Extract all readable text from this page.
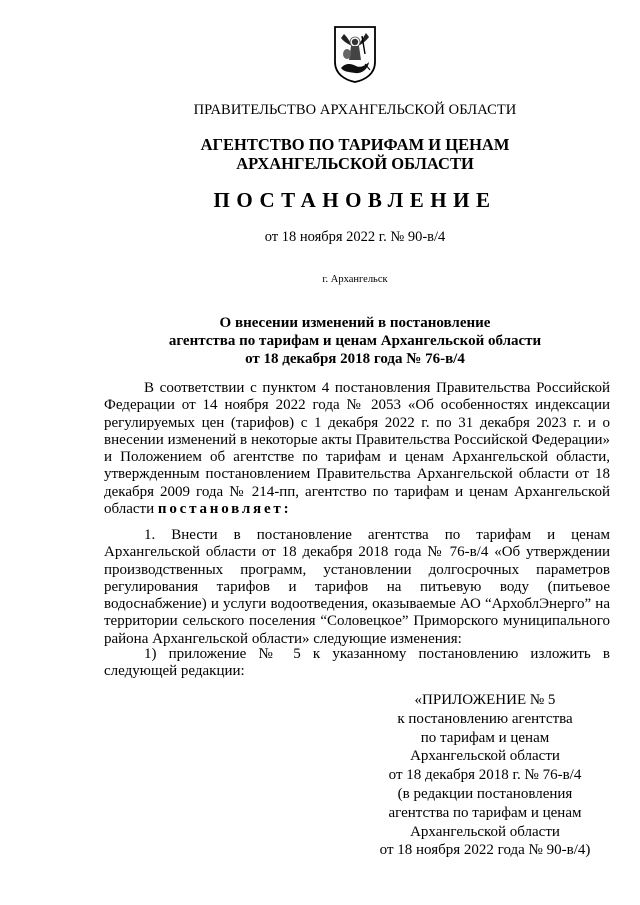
ПРАВИТЕЛЬСТВО АРХАНГЕЛЬСКОЙ ОБЛАСТИ
АГЕНТСТВО ПО ТАРИФАМ И ЦЕНАМ
АРХАНГЕЛЬСКОЙ ОБЛАСТИ
ПОСТАНОВЛЕНИЕ
от 18 ноября 2022 г. № 90-в/4
г. Архангельск
О внесении изменений в постановление
агентства по тарифам и ценам Архангельской области
от 18 декабря 2018 года № 76-в/4
В соответствии с пунктом 4 постановления Правительства Российской Федерации от 14 ноября 2022 года № 2053 «Об особенностях индексации регулируемых цен (тарифов) с 1 декабря 2022 г. по 31 декабря 2023 г. и о внесении изменений в некоторые акты Правительства Российской Федерации» и Положением об агентстве по тарифам и ценам Архангельской области, утвержденным постановлением Правительства Архангельской области от 18 декабря 2009 года № 214-пп, агентство по тарифам и ценам Архангельской области постановляет:
1. Внести в постановление агентства по тарифам и ценам Архангельской области от 18 декабря 2018 года № 76-в/4 «Об утверждении производственных программ, установлении долгосрочных параметров регулирования тарифов и тарифов на питьевую воду (питьевое водоснабжение) и услуги водоотведения, оказываемые АО “АрхоблЭнерго” на территории сельского поселения “Соловецкое” Приморского муниципального района Архангельской области» следующие изменения:
1) приложение № 5 к указанному постановлению изложить в следующей редакции:
«ПРИЛОЖЕНИЕ № 5
к постановлению агентства
по тарифам и ценам
Архангельской области
от 18 декабря 2018 г. № 76-в/4
(в редакции постановления
агентства по тарифам и ценам
Архангельской области
от 18 ноября 2022 года № 90-в/4)
